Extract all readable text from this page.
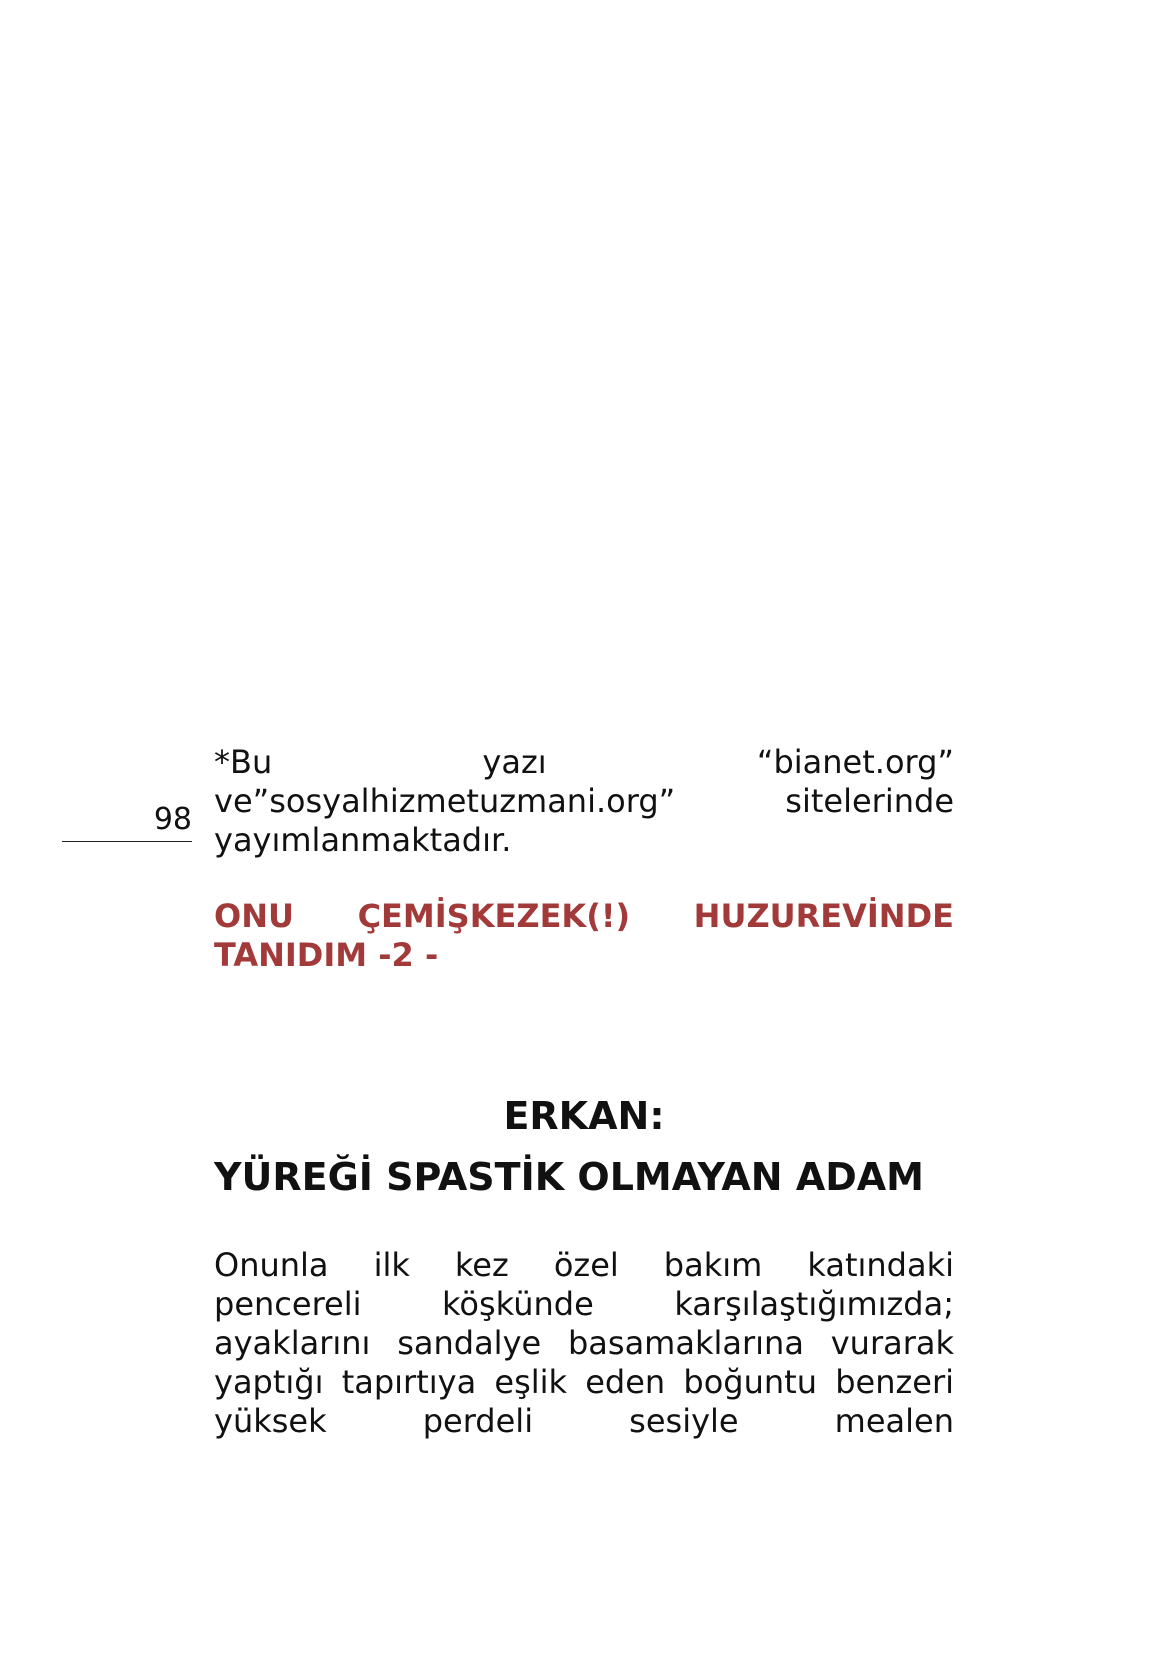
98
*Bu yazı “bianet.org”
ve”sosyalhizmetuzmani.org” sitelerinde
yayımlanmaktadır.
ONU ÇEMİŞKEZEK(!) HUZUREVİNDE
TANIDIM -2 -
ERKAN:
YÜREĞİ SPASTİK OLMAYAN ADAM
Onunla ilk kez özel bakım katındaki
pencereli köşkünde karşılaştığımızda;
ayaklarını sandalye basamaklarına vurarak
yaptığı tapırtıya eşlik eden boğuntu benzeri
yüksek perdeli sesiyle mealen
